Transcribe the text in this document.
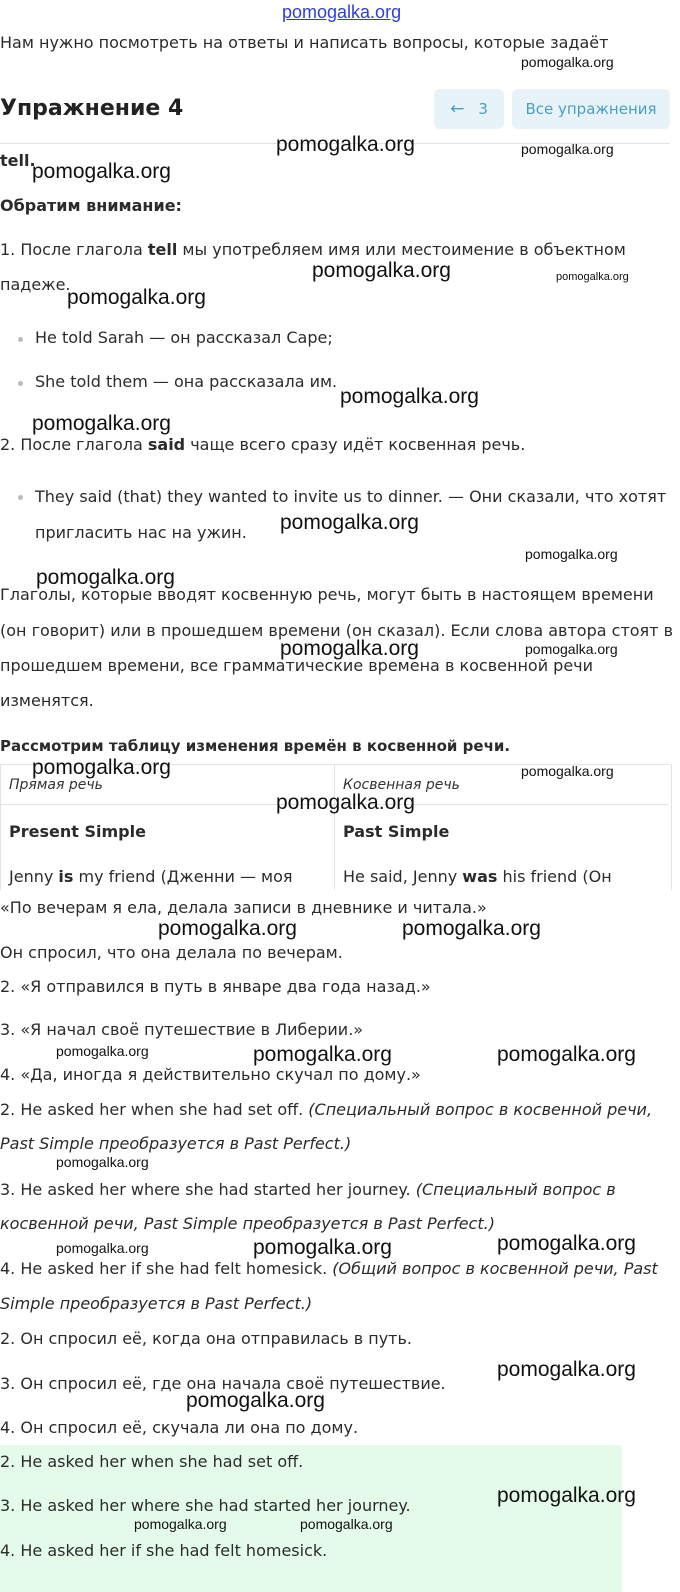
pomogalka.org
Нам нужно посмотреть на ответы и написать вопросы, которые задаёт
Упражнение 4	← 3	Все упражнения
tell.
Обратим внимание:
1. После глагола tell мы употребляем имя или местоимение в объектном
падеже.
He told Sarah — он рассказал Саре;
She told them — она рассказала им.
2. После глагола said чаще всего сразу идёт косвенная речь.
They said (that) they wanted to invite us to dinner. — Они сказали, что хотят
пригласить нас на ужин.
Глаголы, которые вводят косвенную речь, могут быть в настоящем времени
(он говорит) или в прошедшем времени (он сказал). Если слова автора стоят в
прошедшем времени, все грамматические времена в косвенной речи
изменятся.
Рассмотрим таблицу изменения времён в косвенной речи.
Прямая речь	Косвенная речь
Present Simple	Past Simple
Jenny is my friend (Дженни — моя	He said, Jenny was his friend (Он
«По вечерам я ела, делала записи в дневнике и читала.»
Он спросил, что она делала по вечерам.
2. «Я отправился в путь в январе два года назад.»
3. «Я начал своё путешествие в Либерии.»
4. «Да, иногда я действительно скучал по дому.»
2. He asked her when she had set off. (Специальный вопрос в косвенной речи,
Past Simple преобразуется в Past Perfect.)
3. He asked her where she had started her journey. (Специальный вопрос в
косвенной речи, Past Simple преобразуется в Past Perfect.)
4. He asked her if she had felt homesick. (Общий вопрос в косвенной речи, Past
Simple преобразуется в Past Perfect.)
2. Он спросил её, когда она отправилась в путь.
3. Он спросил её, где она начала своё путешествие.
4. Он спросил её, скучала ли она по дому.
2. He asked her when she had set off.
3. He asked her where she had started her journey.
4. He asked her if she had felt homesick.
pomogalka.org
pomogalka.org	pomogalka.org
pomogalka.org
pomogalka.org	pomogalka.org
pomogalka.org
pomogalka.org
pomogalka.org
pomogalka.org
pomogalka.org
pomogalka.org
pomogalka.org	pomogalka.org
pomogalka.org	pomogalka.org
pomogalka.org
pomogalka.org	pomogalka.org
pomogalka.org	pomogalka.org	pomogalka.org
pomogalka.org
pomogalka.org	pomogalka.org	pomogalka.org
pomogalka.org
pomogalka.org
pomogalka.org
pomogalka.org	pomogalka.org
